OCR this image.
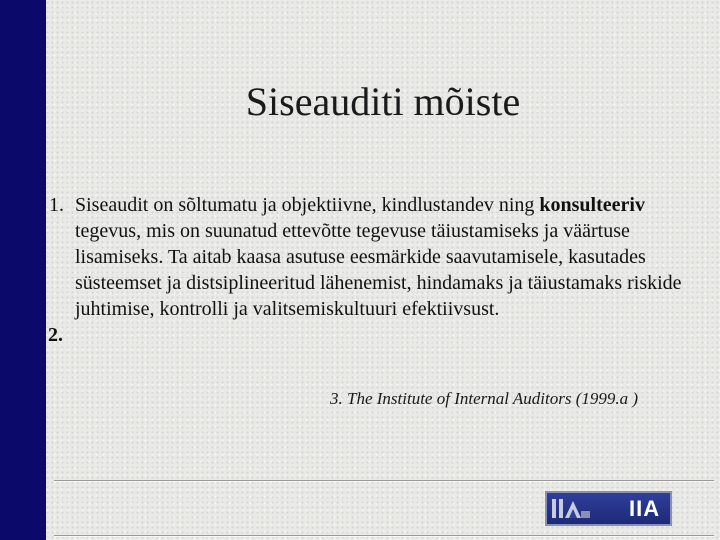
Siseauditi mõiste
1. Siseaudit on sõltumatu ja objektiivne, kindlustandev ning konsulteeriv tegevus, mis on suunatud ettevõtte tegevuse täiustamiseks ja väärtuse lisamiseks. Ta aitab kaasa asutuse eesmärkide saavutamisele, kasutades süsteemset ja distsiplineeritud lähenemist, hindamaks ja täiustamaks riskide juhtimise, kontrolli ja valitsemiskultuuri efektiivsust.
2.
3. The Institute of Internal Auditors (1999.a )
IIA
